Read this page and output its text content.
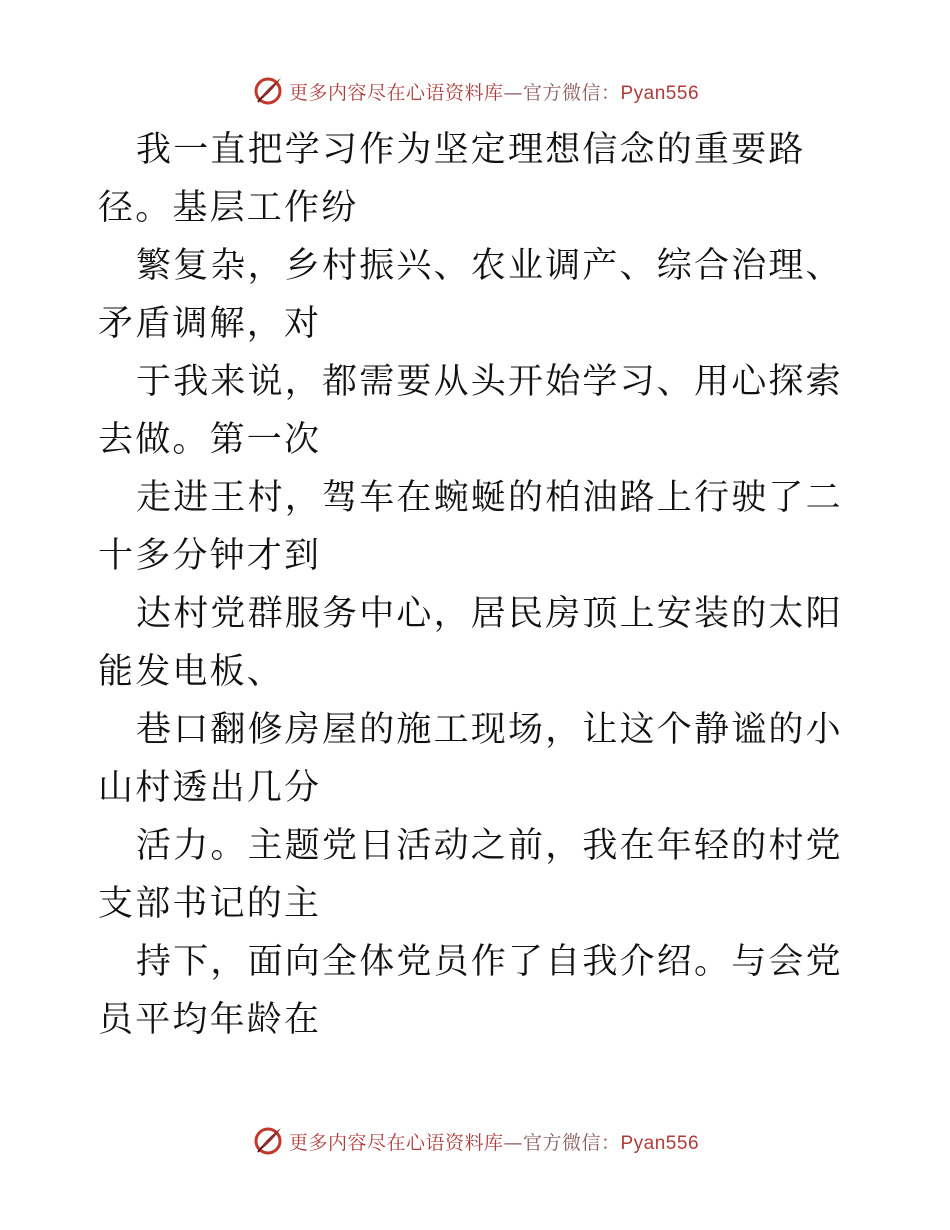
更多内容尽在心语资料库—官方微信：Pyan556

我一直把学习作为坚定理想信念的重要路径。基层工作纷

繁复杂，乡村振兴、农业调产、综合治理、矛盾调解，对

于我来说，都需要从头开始学习、用心探索去做。第一次

走进王村，驾车在蜿蜒的柏油路上行驶了二十多分钟才到

达村党群服务中心，居民房顶上安装的太阳能发电板、

巷口翻修房屋的施工现场，让这个静谧的小山村透出几分

活力。主题党日活动之前，我在年轻的村党支部书记的主

持下，面向全体党员作了自我介绍。与会党员平均年龄在

更多内容尽在心语资料库—官方微信：Pyan556
